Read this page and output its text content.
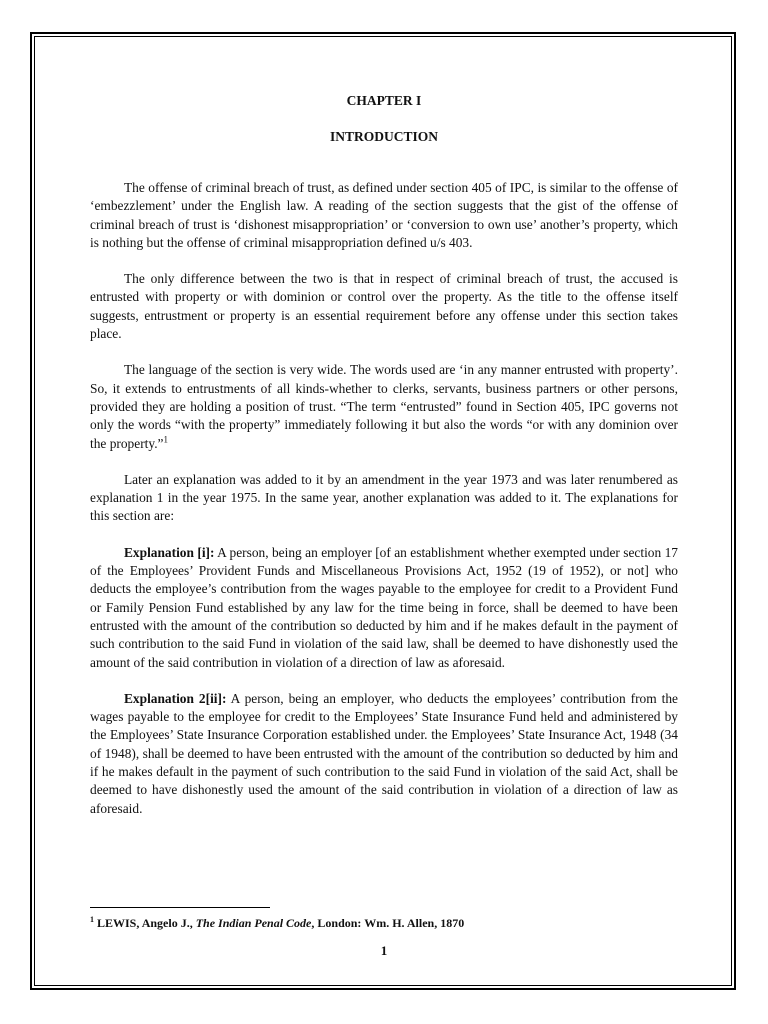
CHAPTER I

INTRODUCTION

The offense of criminal breach of trust, as defined under section 405 of IPC, is similar to the offense of ‘embezzlement’ under the English law. A reading of the section suggests that the gist of the offense of criminal breach of trust is ‘dishonest misappropriation’ or ‘conversion to own use’ another’s property, which is nothing but the offense of criminal misappropriation defined u/s 403.

The only difference between the two is that in respect of criminal breach of trust, the accused is entrusted with property or with dominion or control over the property. As the title to the offense itself suggests, entrustment or property is an essential requirement before any offense under this section takes place.

The language of the section is very wide. The words used are ‘in any manner entrusted with property’. So, it extends to entrustments of all kinds-whether to clerks, servants, business partners or other persons, provided they are holding a position of trust. “The term “entrusted” found in Section 405, IPC governs not only the words “with the property” immediately following it but also the words “or with any dominion over the property.”$^1$

Later an explanation was added to it by an amendment in the year 1973 and was later renumbered as explanation 1 in the year 1975. In the same year, another explanation was added to it. The explanations for this section are:

Explanation [i]: A person, being an employer [of an establishment whether exempted under section 17 of the Employees’ Provident Funds and Miscellaneous Provisions Act, 1952 (19 of 1952), or not] who deducts the employee’s contribution from the wages payable to the employee for credit to a Provident Fund or Family Pension Fund established by any law for the time being in force, shall be deemed to have been entrusted with the amount of the contribution so deducted by him and if he makes default in the payment of such contribution to the said Fund in violation of the said law, shall be deemed to have dishonestly used the amount of the said contribution in violation of a direction of law as aforesaid.

Explanation 2[ii]: A person, being an employer, who deducts the employees’ contribution from the wages payable to the employee for credit to the Employees’ State Insurance Fund held and administered by the Employees’ State Insurance Corporation established under. the Employees’ State Insurance Act, 1948 (34 of 1948), shall be deemed to have been entrusted with the amount of the contribution so deducted by him and if he makes default in the payment of such contribution to the said Fund in violation of the said Act, shall be deemed to have dishonestly used the amount of the said contribution in violation of a direction of law as aforesaid.

$^1$ LEWIS, Angelo J., The Indian Penal Code, London: Wm. H. Allen, 1870
1
